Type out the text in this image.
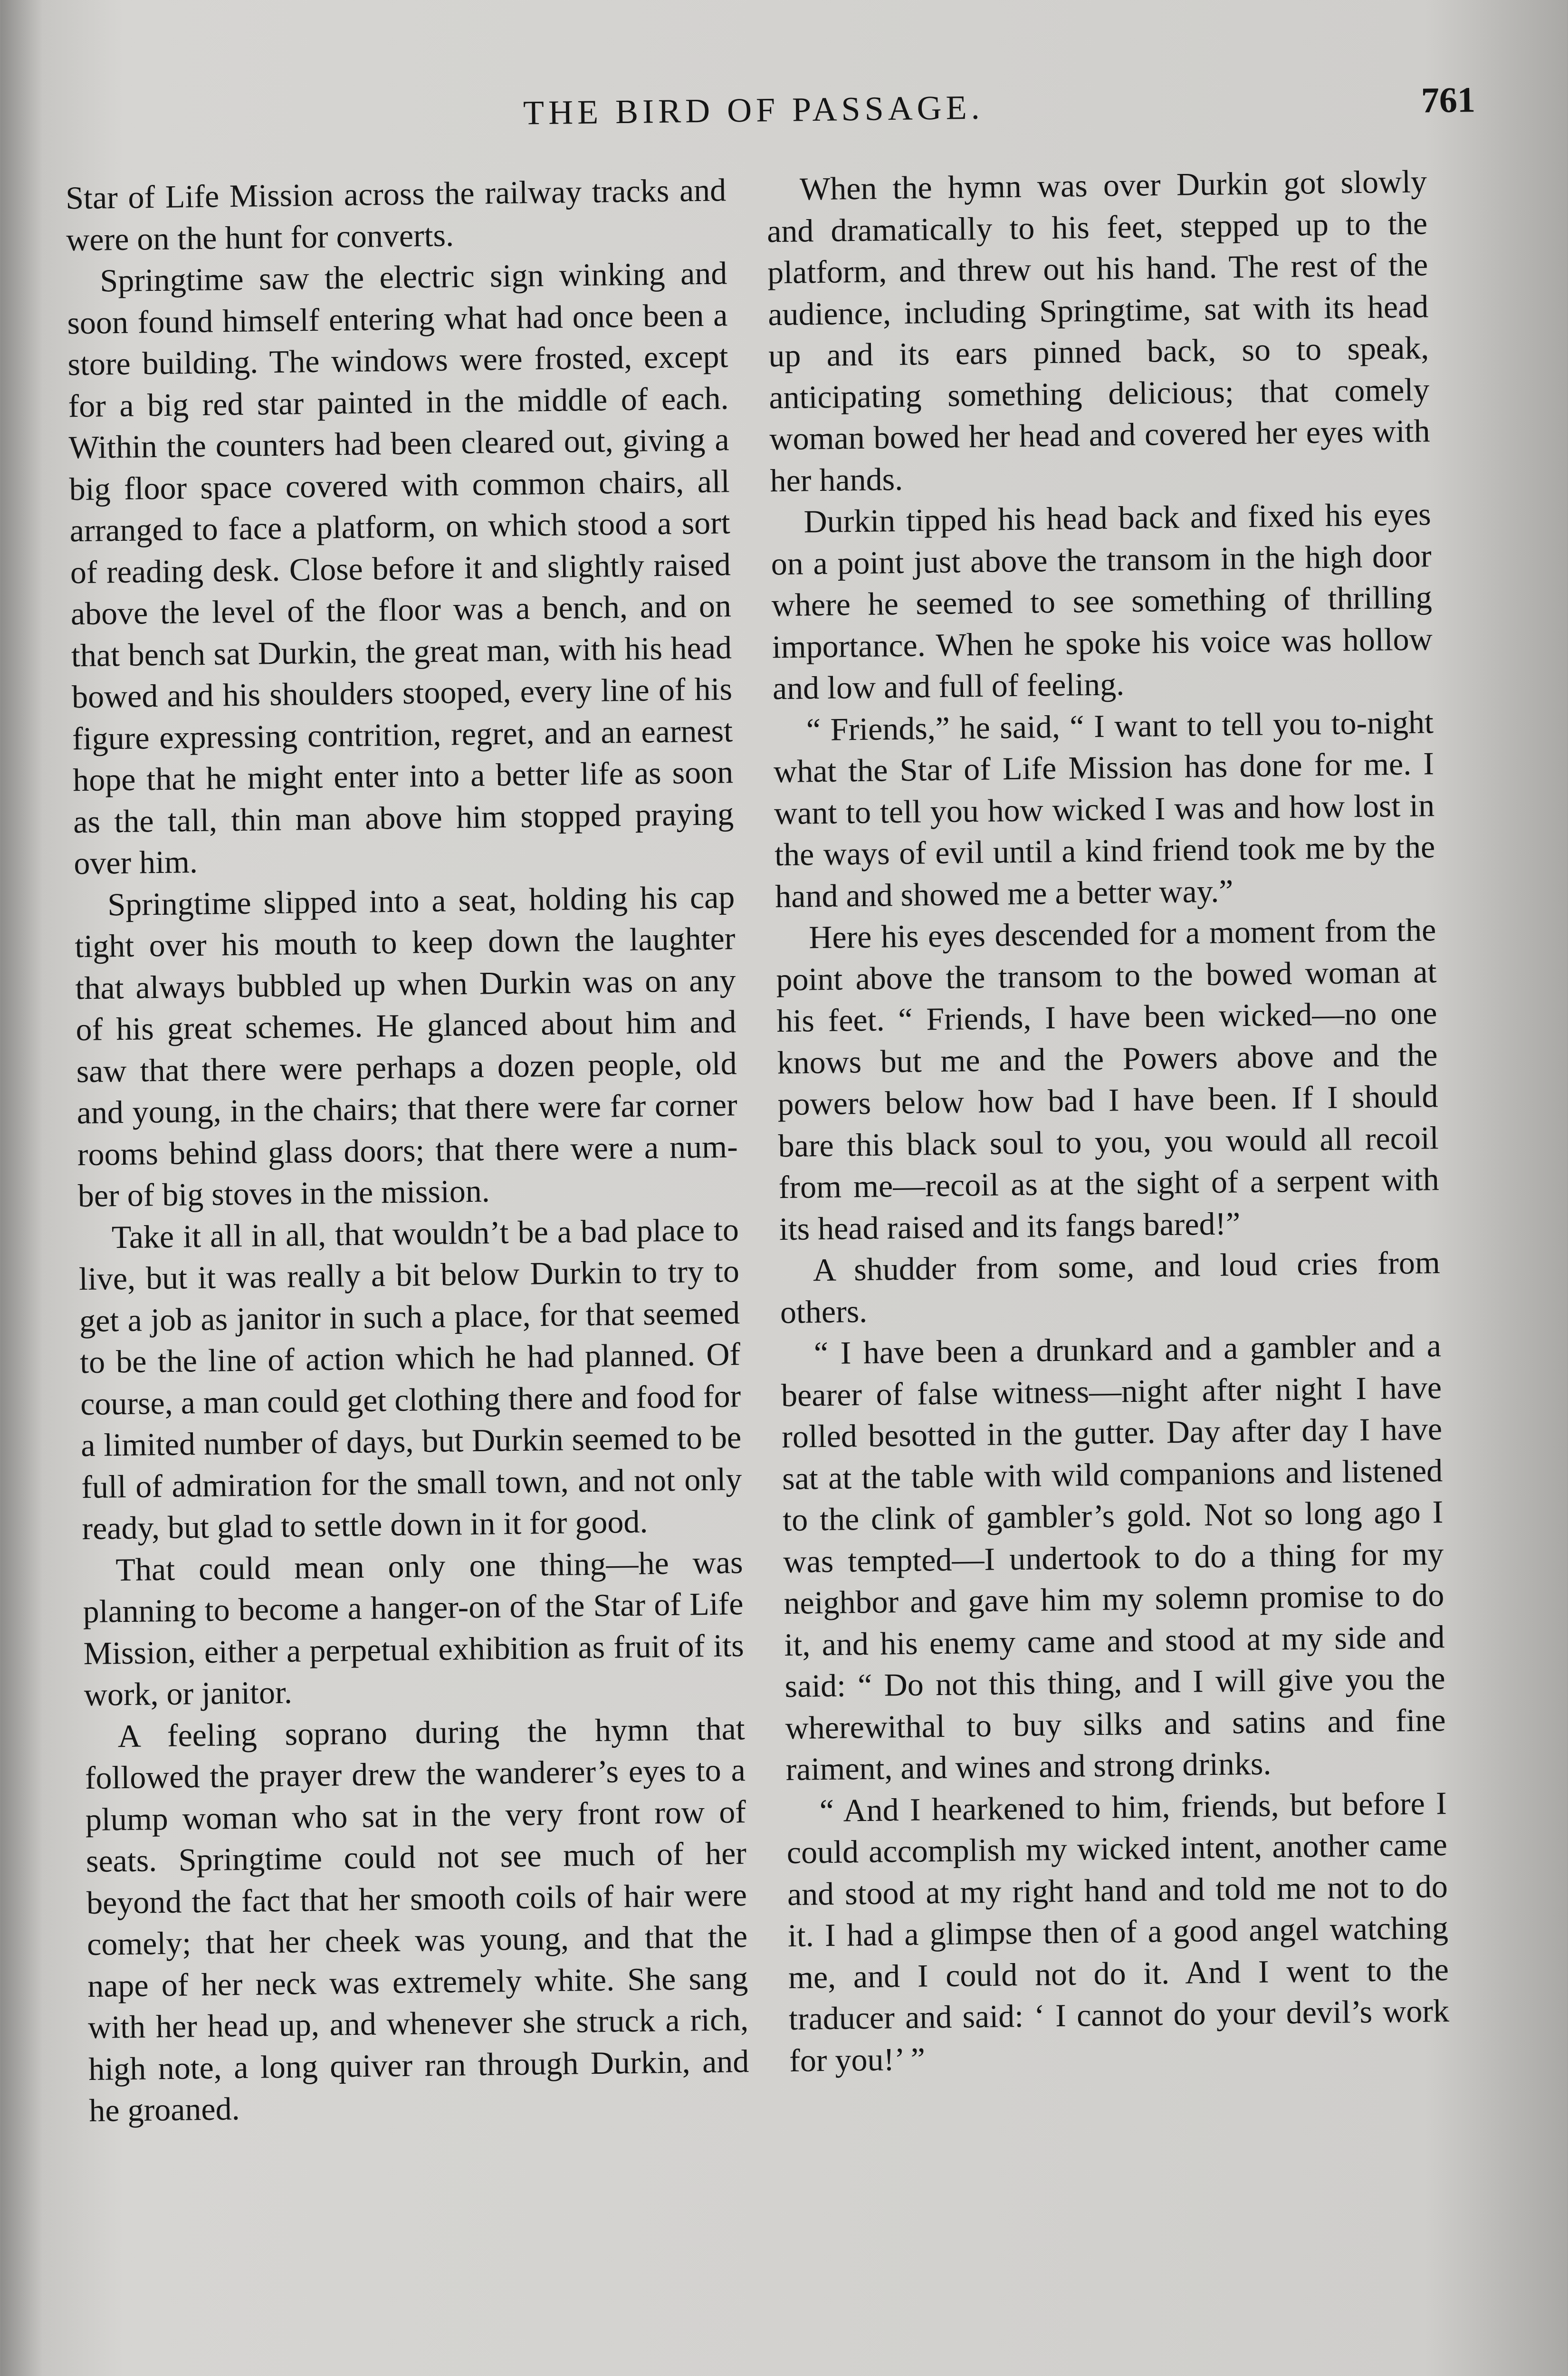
THE BIRD OF PASSAGE.	761

Star of Life Mission across the railway tracks and were on the hunt for converts.

Springtime saw the electric sign winking and soon found himself entering what had once been a store building. The windows were frosted, except for a big red star painted in the middle of each. Within the counters had been cleared out, giving a big floor space covered with common chairs, all arranged to face a platform, on which stood a sort of reading desk. Close before it and slightly raised above the level of the floor was a bench, and on that bench sat Durkin, the great man, with his head bowed and his shoulders stooped, every line of his figure expressing contrition, regret, and an earnest hope that he might enter into a better life as soon as the tall, thin man above him stopped praying over him.

Springtime slipped into a seat, holding his cap tight over his mouth to keep down the laughter that always bubbled up when Durkin was on any of his great schemes. He glanced about him and saw that there were perhaps a dozen people, old and young, in the chairs; that there were far corner rooms behind glass doors; that there were a number of big stoves in the mission.

Take it all in all, that wouldn’t be a bad place to live, but it was really a bit below Durkin to try to get a job as janitor in such a place, for that seemed to be the line of action which he had planned. Of course, a man could get clothing there and food for a limited number of days, but Durkin seemed to be full of admiration for the small town, and not only ready, but glad to settle down in it for good.

That could mean only one thing—he was planning to become a hanger-on of the Star of Life Mission, either a perpetual exhibition as fruit of its work, or janitor.

A feeling soprano during the hymn that followed the prayer drew the wanderer’s eyes to a plump woman who sat in the very front row of seats. Springtime could not see much of her beyond the fact that her smooth coils of hair were comely; that her cheek was young, and that the nape of her neck was extremely white. She sang with her head up, and whenever she struck a rich, high note, a long quiver ran through Durkin, and he groaned.

When the hymn was over Durkin got slowly and dramatically to his feet, stepped up to the platform, and threw out his hand. The rest of the audience, including Springtime, sat with its head up and its ears pinned back, so to speak, anticipating something delicious; that comely woman bowed her head and covered her eyes with her hands.

Durkin tipped his head back and fixed his eyes on a point just above the transom in the high door where he seemed to see something of thrilling importance. When he spoke his voice was hollow and low and full of feeling.

“ Friends,” he said, “ I want to tell you to-night what the Star of Life Mission has done for me. I want to tell you how wicked I was and how lost in the ways of evil until a kind friend took me by the hand and showed me a better way.”

Here his eyes descended for a moment from the point above the transom to the bowed woman at his feet. “ Friends, I have been wicked—no one knows but me and the Powers above and the powers below how bad I have been. If I should bare this black soul to you, you would all recoil from me—recoil as at the sight of a serpent with its head raised and its fangs bared!”

A shudder from some, and loud cries from others.

“ I have been a drunkard and a gambler and a bearer of false witness—night after night I have rolled besotted in the gutter. Day after day I have sat at the table with wild companions and listened to the clink of gambler’s gold. Not so long ago I was tempted—I undertook to do a thing for my neighbor and gave him my solemn promise to do it, and his enemy came and stood at my side and said: “ Do not this thing, and I will give you the wherewithal to buy silks and satins and fine raiment, and wines and strong drinks.

“ And I hearkened to him, friends, but before I could accomplish my wicked intent, another came and stood at my right hand and told me not to do it. I had a glimpse then of a good angel watching me, and I could not do it. And I went to the traducer and said: ‘ I cannot do your devil’s work for you!’ ”
